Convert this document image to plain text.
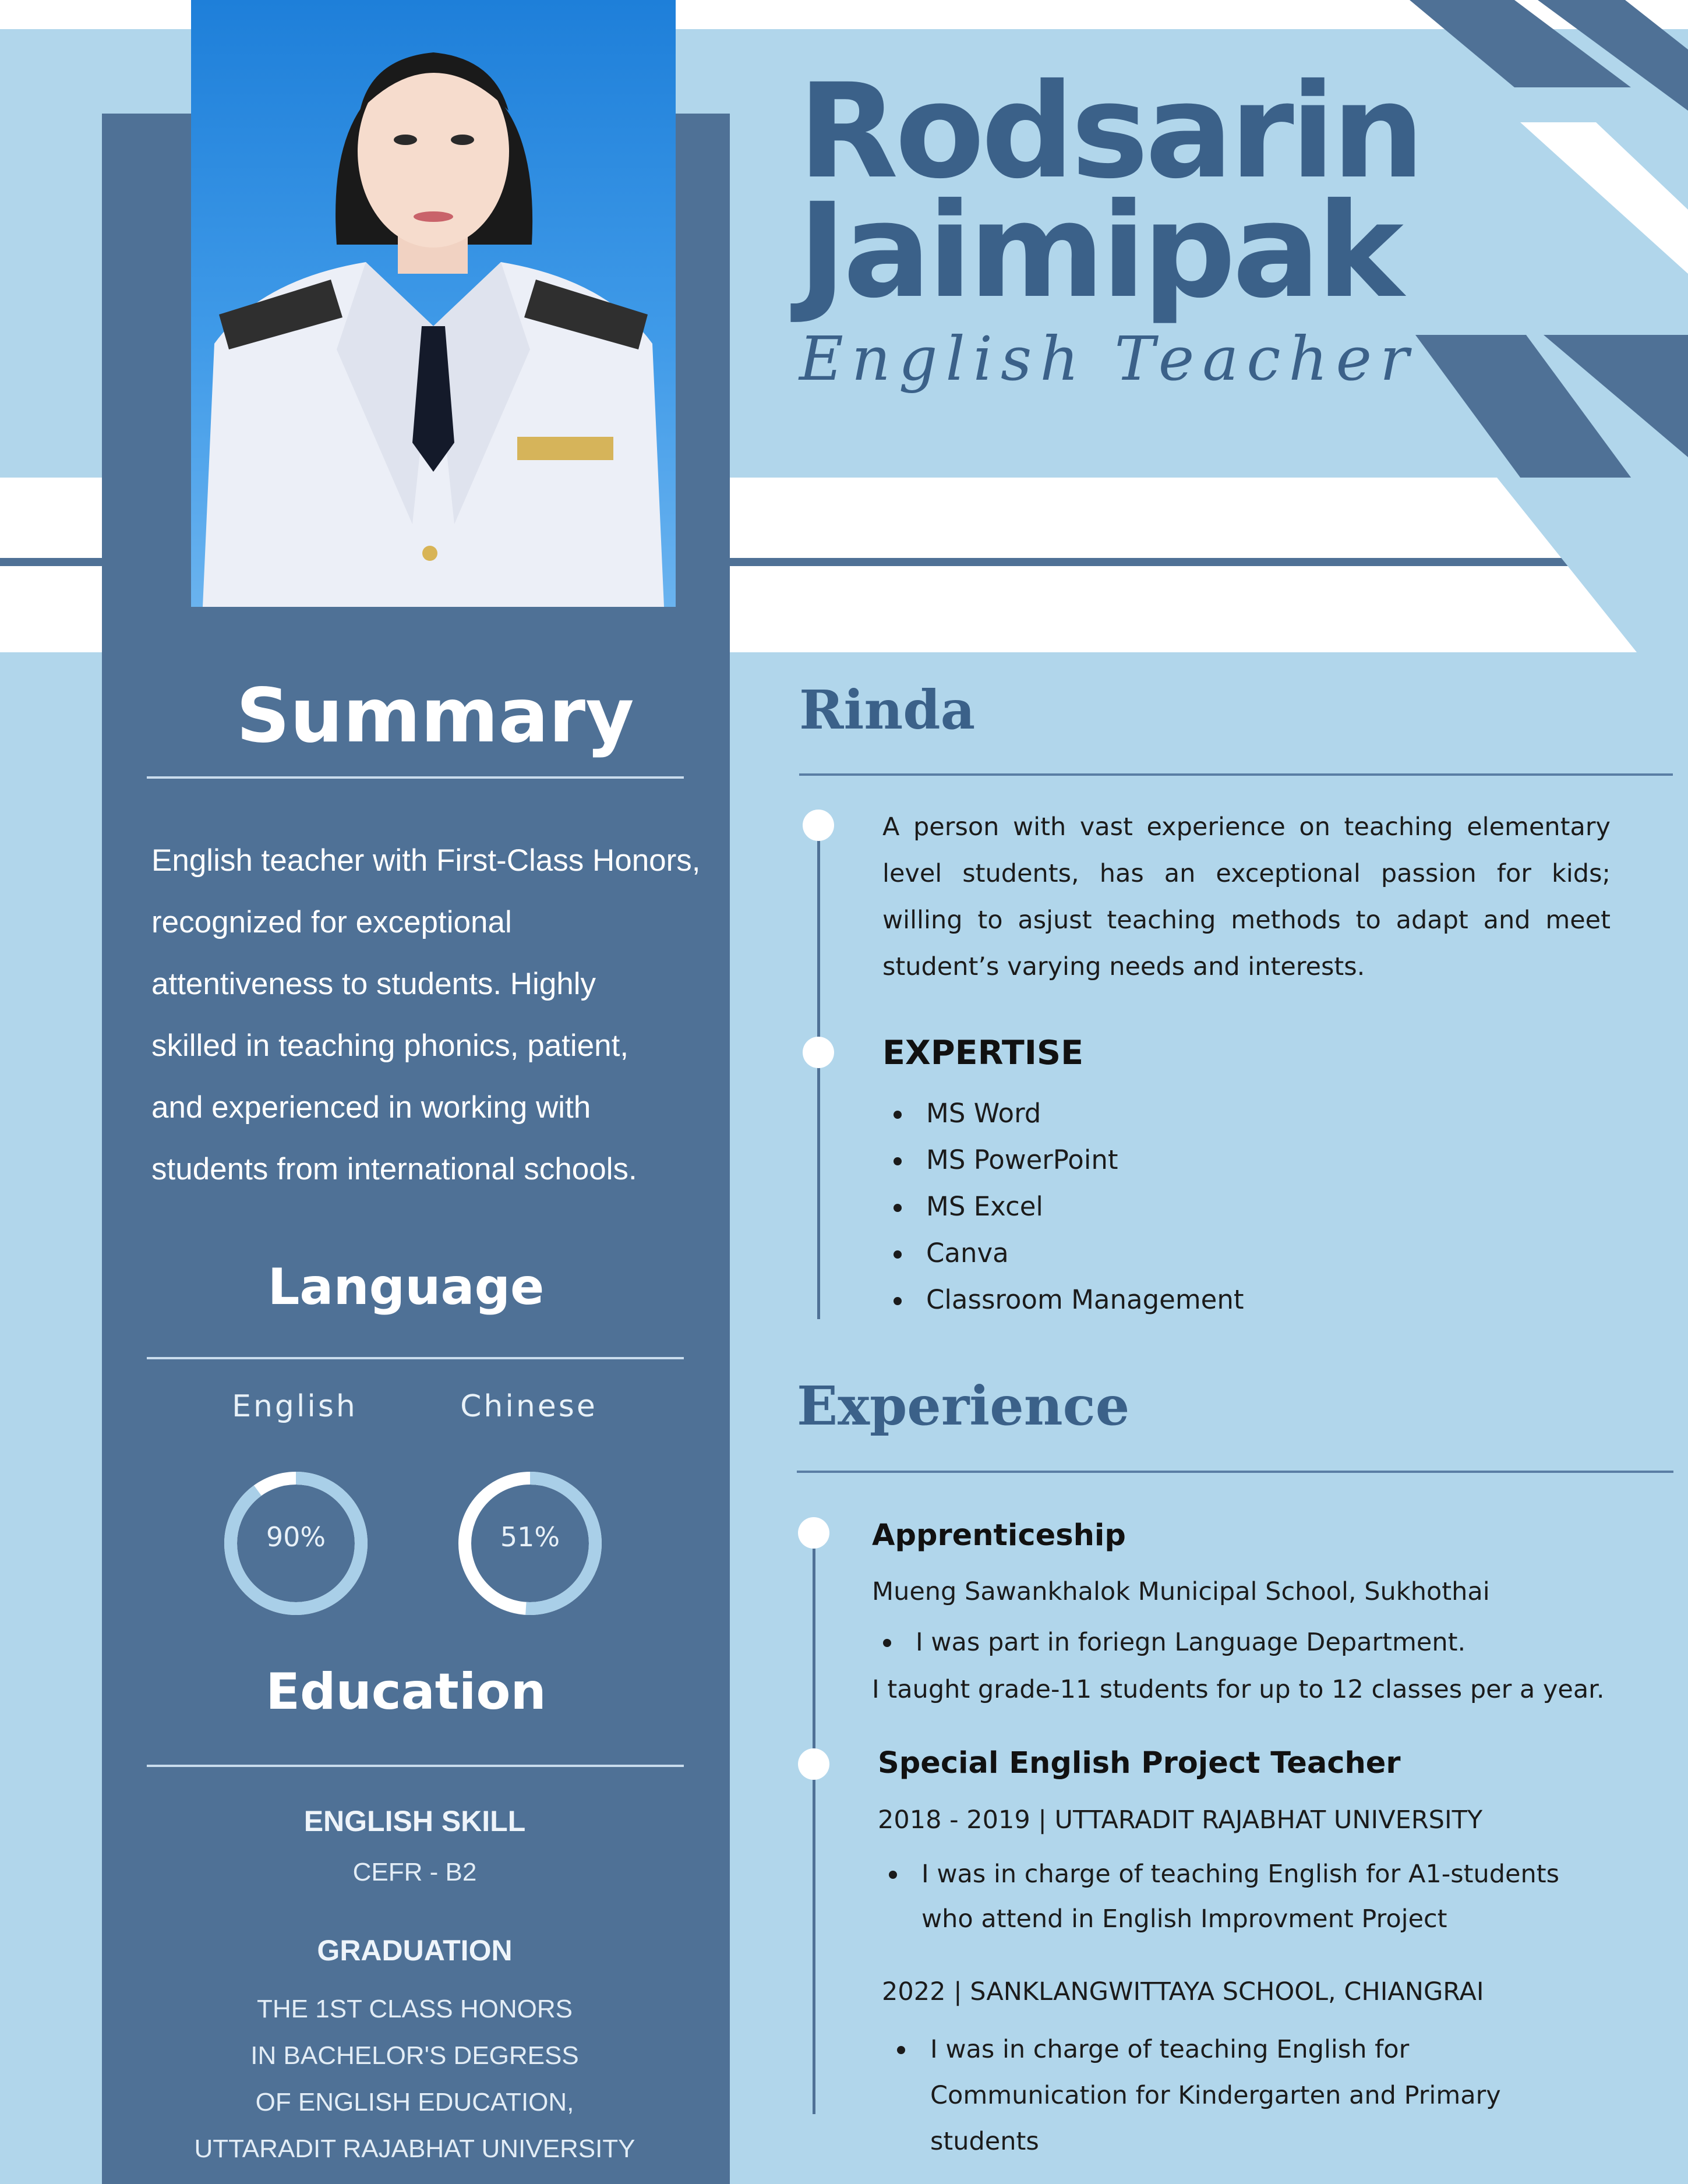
Summary
English teacher with First-Class Honors,
recognized for exceptional
attentiveness to students. Highly
skilled in teaching phonics, patient,
and experienced in working with
students from international schools.
Language
English	Chinese
90%	51%
Education
ENGLISH SKILL
CEFR - B2
GRADUATION
THE 1ST CLASS HONORS
IN BACHELOR'S DEGRESS
OF ENGLISH EDUCATION,
UTTARADIT RAJABHAT UNIVERSITY
Rodsarin
Jaimipak
English Teacher
Rinda
A person with vast experience on teaching elementary level students, has an exceptional passion for kids; willing to asjust teaching methods to adapt and meet student’s varying needs and interests.
EXPERTISE
MS Word
MS PowerPoint
MS Excel
Canva
Classroom Management
Experience
Apprenticeship
Mueng Sawankhalok Municipal School, Sukhothai
I was part in foriegn Language Department.
I taught grade-11 students for up to 12 classes per a year.
Special English Project Teacher
2018 - 2019 | UTTARADIT RAJABHAT UNIVERSITY
I was in charge of teaching English for A1-students
who attend in English Improvment Project
2022 | SANKLANGWITTAYA SCHOOL, CHIANGRAI
I was in charge of teaching English for
Communication for Kindergarten and Primary
students
